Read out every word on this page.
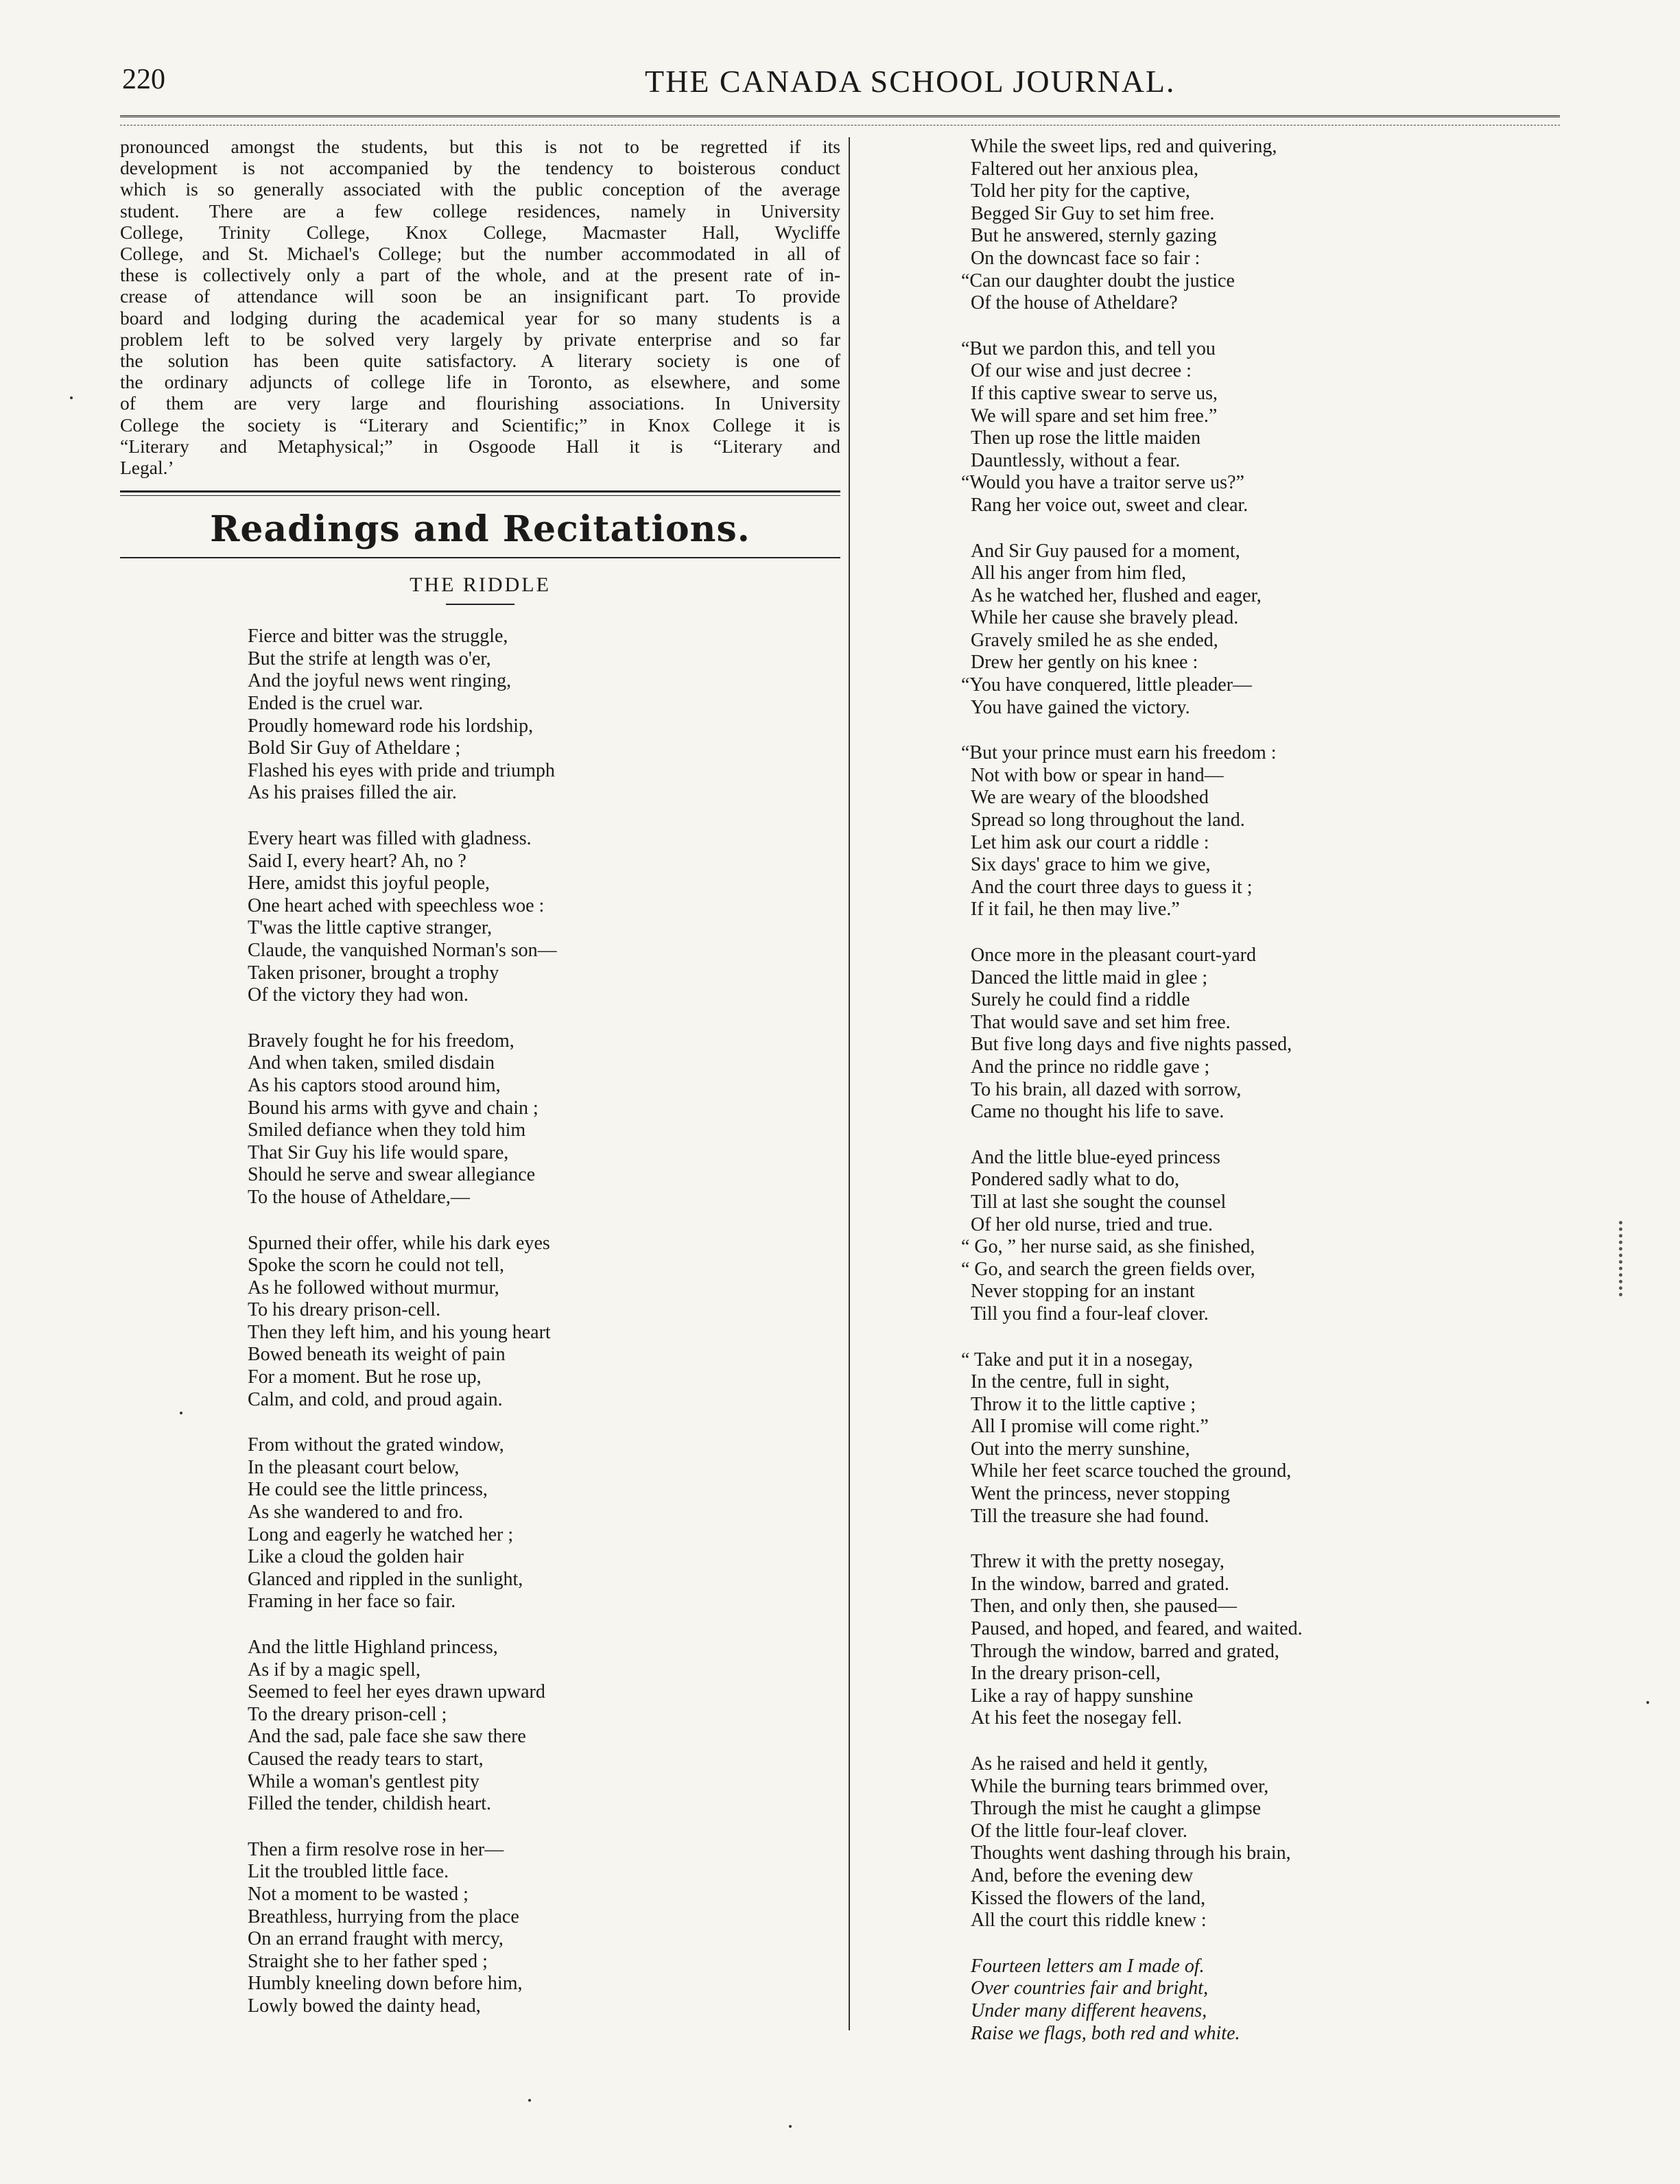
220	THE CANADA SCHOOL JOURNAL.
pronounced amongst the students, but this is not to be regretted if its
development is not accompanied by the tendency to boisterous conduct
which is so generally associated with the public conception of the average
student. There are a few college residences, namely in University
College, Trinity College, Knox College, Macmaster Hall, Wycliffe
College, and St. Michael's College; but the number accommodated in all of
these is collectively only a part of the whole, and at the present rate of in-
crease of attendance will soon be an insignificant part. To provide
board and lodging during the academical year for so many students is a
problem left to be solved very largely by private enterprise and so far
the solution has been quite satisfactory. A literary society is one of
the ordinary adjuncts of college life in Toronto, as elsewhere, and some
of them are very large and flourishing associations. In University
College the society is “Literary and Scientific;” in Knox College it is
“Literary and Metaphysical;” in Osgoode Hall it is “Literary and
Legal.’
Readings and Recitations.
THE RIDDLE
Fierce and bitter was the struggle,
But the strife at length was o'er,
And the joyful news went ringing,
Ended is the cruel war.
Proudly homeward rode his lordship,
Bold Sir Guy of Atheldare ;
Flashed his eyes with pride and triumph
As his praises filled the air.
Every heart was filled with gladness.
Said I, every heart? Ah, no ?
Here, amidst this joyful people,
One heart ached with speechless woe :
T'was the little captive stranger,
Claude, the vanquished Norman's son—
Taken prisoner, brought a trophy
Of the victory they had won.
Bravely fought he for his freedom,
And when taken, smiled disdain
As his captors stood around him,
Bound his arms with gyve and chain ;
Smiled defiance when they told him
That Sir Guy his life would spare,
Should he serve and swear allegiance
To the house of Atheldare,—
Spurned their offer, while his dark eyes
Spoke the scorn he could not tell,
As he followed without murmur,
To his dreary prison-cell.
Then they left him, and his young heart
Bowed beneath its weight of pain
For a moment. But he rose up,
Calm, and cold, and proud again.
From without the grated window,
In the pleasant court below,
He could see the little princess,
As she wandered to and fro.
Long and eagerly he watched her ;
Like a cloud the golden hair
Glanced and rippled in the sunlight,
Framing in her face so fair.
And the little Highland princess,
As if by a magic spell,
Seemed to feel her eyes drawn upward
To the dreary prison-cell ;
And the sad, pale face she saw there
Caused the ready tears to start,
While a woman's gentlest pity
Filled the tender, childish heart.
Then a firm resolve rose in her—
Lit the troubled little face.
Not a moment to be wasted ;
Breathless, hurrying from the place
On an errand fraught with mercy,
Straight she to her father sped ;
Humbly kneeling down before him,
Lowly bowed the dainty head,
While the sweet lips, red and quivering,
Faltered out her anxious plea,
Told her pity for the captive,
Begged Sir Guy to set him free.
But he answered, sternly gazing
On the downcast face so fair :
“Can our daughter doubt the justice
Of the house of Atheldare?
“But we pardon this, and tell you
Of our wise and just decree :
If this captive swear to serve us,
We will spare and set him free.”
Then up rose the little maiden
Dauntlessly, without a fear.
“Would you have a traitor serve us?”
Rang her voice out, sweet and clear.
And Sir Guy paused for a moment,
All his anger from him fled,
As he watched her, flushed and eager,
While her cause she bravely plead.
Gravely smiled he as she ended,
Drew her gently on his knee :
“You have conquered, little pleader—
You have gained the victory.
“But your prince must earn his freedom :
Not with bow or spear in hand—
We are weary of the bloodshed
Spread so long throughout the land.
Let him ask our court a riddle :
Six days' grace to him we give,
And the court three days to guess it ;
If it fail, he then may live.”
Once more in the pleasant court-yard
Danced the little maid in glee ;
Surely he could find a riddle
That would save and set him free.
But five long days and five nights passed,
And the prince no riddle gave ;
To his brain, all dazed with sorrow,
Came no thought his life to save.
And the little blue-eyed princess
Pondered sadly what to do,
Till at last she sought the counsel
Of her old nurse, tried and true.
“ Go, ” her nurse said, as she finished,
“ Go, and search the green fields over,
Never stopping for an instant
Till you find a four-leaf clover.
“ Take and put it in a nosegay,
In the centre, full in sight,
Throw it to the little captive ;
All I promise will come right.”
Out into the merry sunshine,
While her feet scarce touched the ground,
Went the princess, never stopping
Till the treasure she had found.
Threw it with the pretty nosegay,
In the window, barred and grated.
Then, and only then, she paused—
Paused, and hoped, and feared, and waited.
Through the window, barred and grated,
In the dreary prison-cell,
Like a ray of happy sunshine
At his feet the nosegay fell.
As he raised and held it gently,
While the burning tears brimmed over,
Through the mist he caught a glimpse
Of the little four-leaf clover.
Thoughts went dashing through his brain,
And, before the evening dew
Kissed the flowers of the land,
All the court this riddle knew :
Fourteen letters am I made of.
Over countries fair and bright,
Under many different heavens,
Raise we flags, both red and white.
